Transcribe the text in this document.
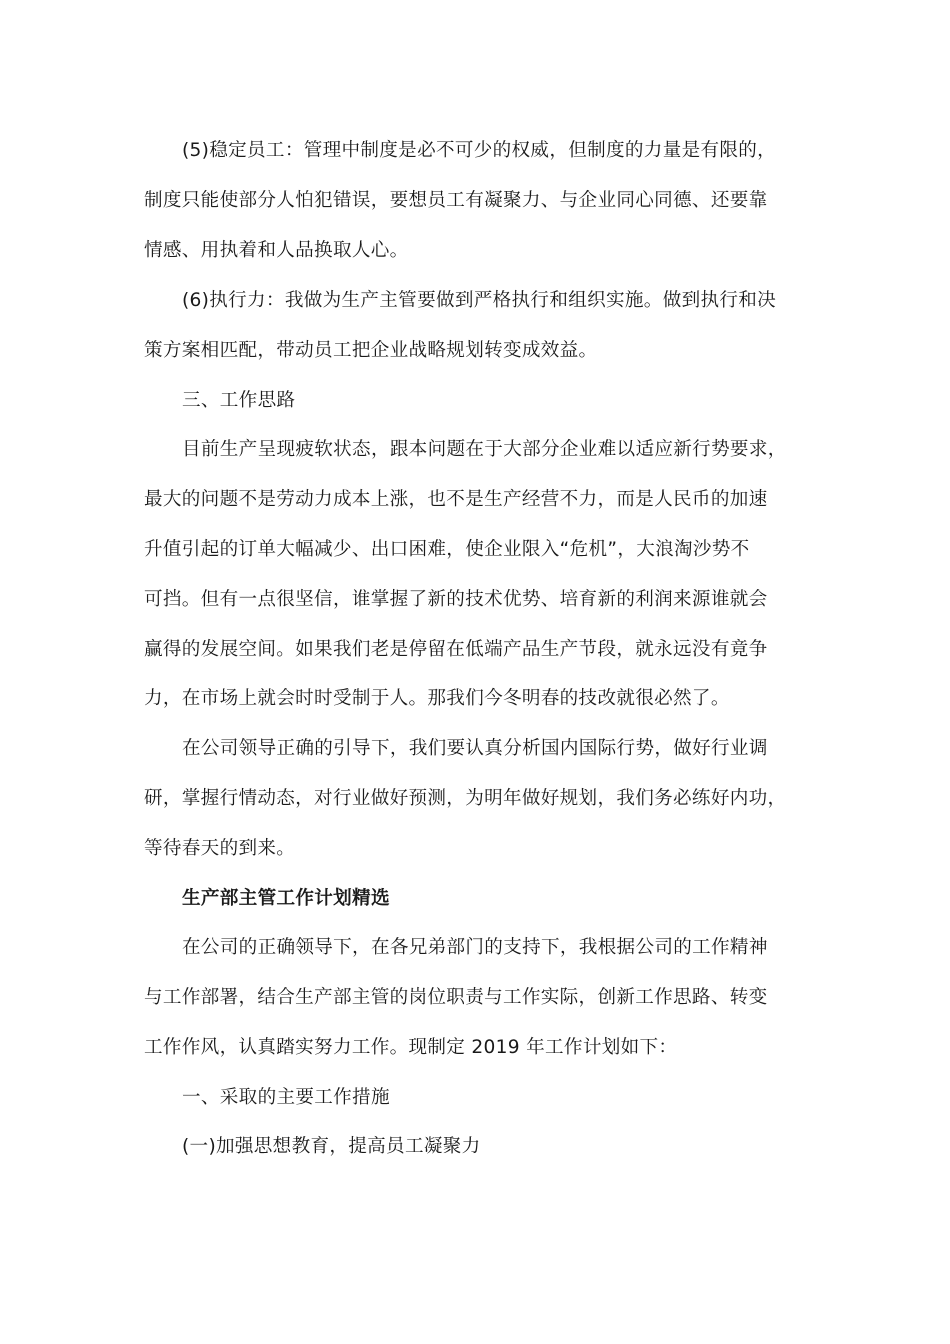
(5)稳定员工：管理中制度是必不可少的权威，但制度的力量是有限的，
制度只能使部分人怕犯错误，要想员工有凝聚力、与企业同心同德、还要靠
情感、用执着和人品换取人心。
(6)执行力：我做为生产主管要做到严格执行和组织实施。做到执行和决
策方案相匹配，带动员工把企业战略规划转变成效益。
三、工作思路
目前生产呈现疲软状态，跟本问题在于大部分企业难以适应新行势要求，
最大的问题不是劳动力成本上涨，也不是生产经营不力，而是人民币的加速
升值引起的订单大幅减少、出口困难，使企业限入“危机”，大浪淘沙势不
可挡。但有一点很坚信，谁掌握了新的技术优势、培育新的利润来源谁就会
赢得的发展空间。如果我们老是停留在低端产品生产节段，就永远没有竟争
力，在市场上就会时时受制于人。那我们今冬明春的技改就很必然了。
在公司领导正确的引导下，我们要认真分析国内国际行势，做好行业调
研，掌握行情动态，对行业做好预测，为明年做好规划，我们务必练好内功，
等待春天的到来。
生产部主管工作计划精选
在公司的正确领导下，在各兄弟部门的支持下，我根据公司的工作精神
与工作部署，结合生产部主管的岗位职责与工作实际，创新工作思路、转变
工作作风，认真踏实努力工作。现制定 2019 年工作计划如下：
一、采取的主要工作措施
(一)加强思想教育，提高员工凝聚力
